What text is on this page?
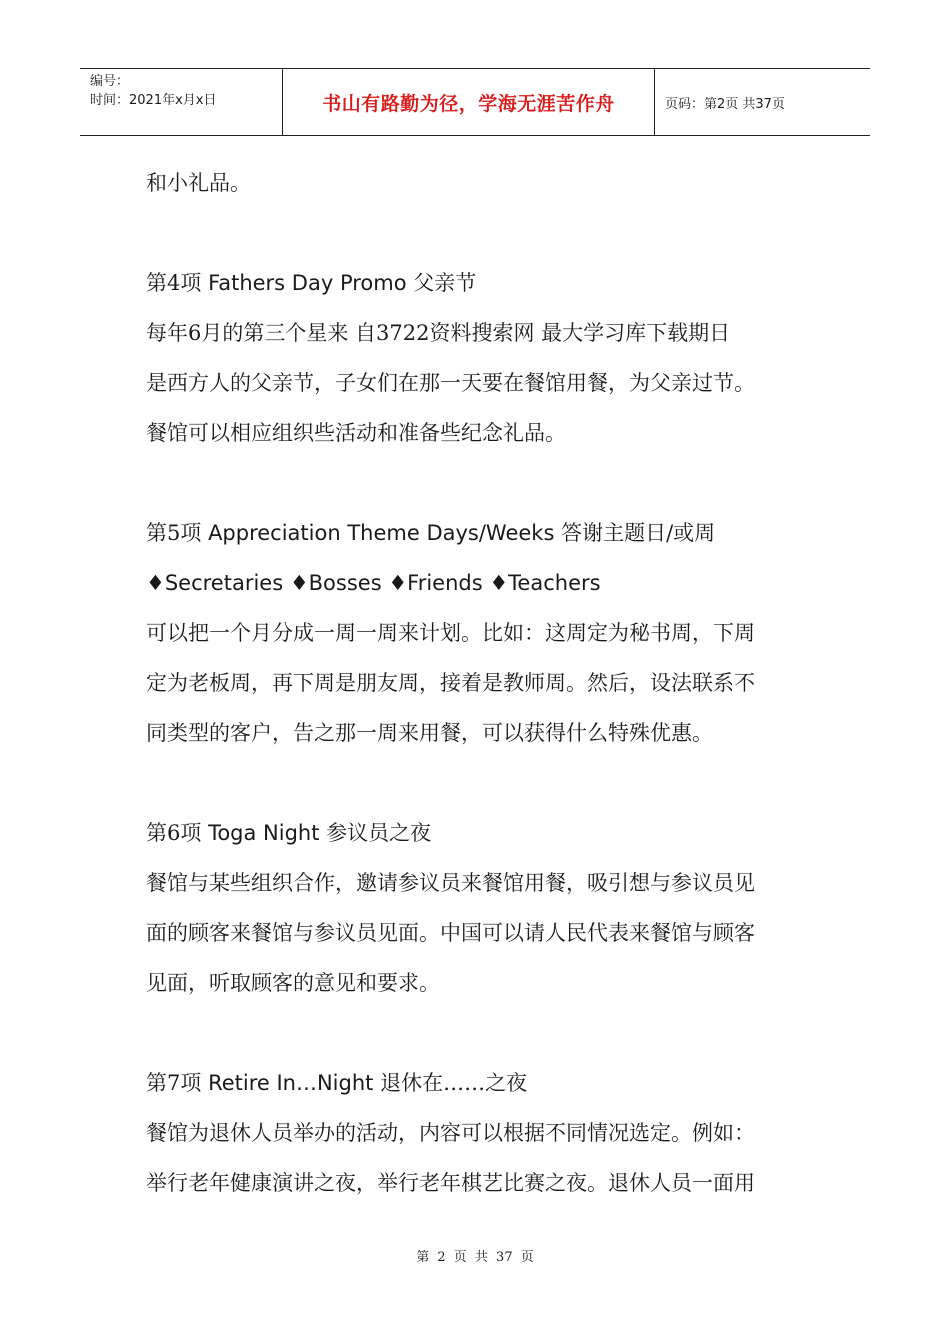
编号：
时间：2021年x月x日	书山有路勤为径，学海无涯苦作舟	页码：第2页 共37页
和小礼品。
第4项 Fathers Day Promo 父亲节
每年6月的第三个星来 自3722资料搜索网 最大学习库下载期日
是西方人的父亲节，子女们在那一天要在餐馆用餐，为父亲过节。
餐馆可以相应组织些活动和准备些纪念礼品。
第5项 Appreciation Theme Days/Weeks 答谢主题日/或周
♦Secretaries ♦Bosses ♦Friends ♦Teachers
可以把一个月分成一周一周来计划。比如：这周定为秘书周，下周
定为老板周，再下周是朋友周，接着是教师周。然后，设法联系不
同类型的客户，告之那一周来用餐，可以获得什么特殊优惠。
第6项 Toga Night 参议员之夜
餐馆与某些组织合作，邀请参议员来餐馆用餐，吸引想与参议员见
面的顾客来餐馆与参议员见面。中国可以请人民代表来餐馆与顾客
见面，听取顾客的意见和要求。
第7项 Retire In…Night 退休在……之夜
餐馆为退休人员举办的活动，内容可以根据不同情况选定。例如：
举行老年健康演讲之夜，举行老年棋艺比赛之夜。退休人员一面用
第 2 页 共 37 页
